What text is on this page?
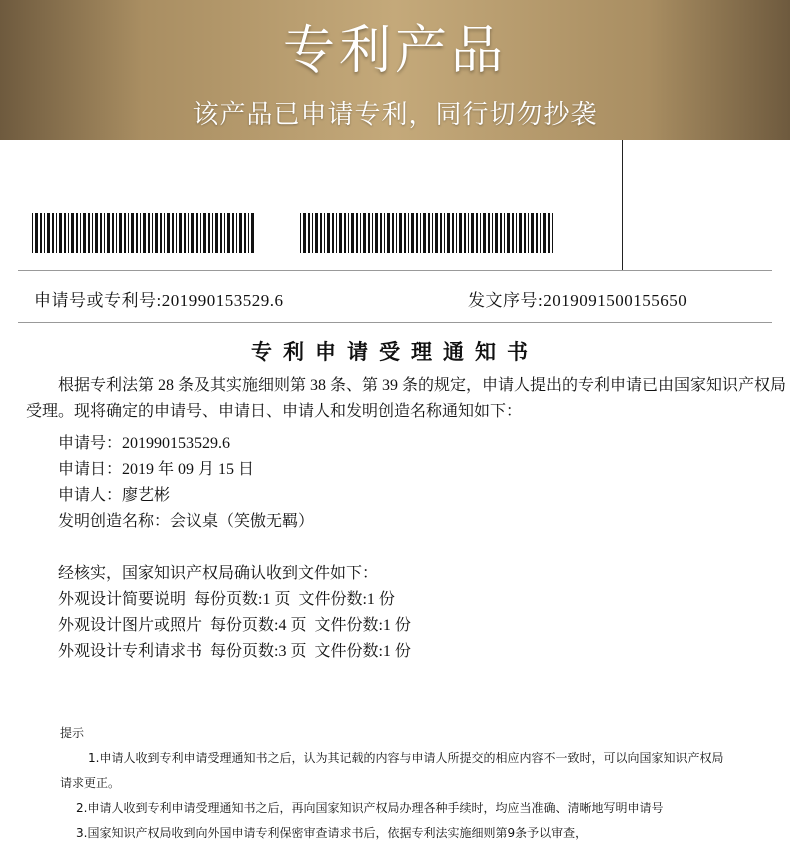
专利产品
该产品已申请专利，同行切勿抄袭
申请号或专利号:201990153529.6	发文序号:2019091500155650
专利申请受理通知书
根据专利法第 28 条及其实施细则第 38 条、第 39 条的规定，申请人提出的专利申请已由国家知识产权局
受理。现将确定的申请号、申请日、申请人和发明创造名称通知如下：
申请号：201990153529.6
申请日：2019 年 09 月 15 日
申请人：廖艺彬
发明创造名称：会议桌（笑傲无羁）
经核实，国家知识产权局确认收到文件如下：
外观设计简要说明  每份页数:1 页  文件份数:1 份
外观设计图片或照片  每份页数:4 页  文件份数:1 份
外观设计专利请求书  每份页数:3 页  文件份数:1 份
提示
1.申请人收到专利申请受理通知书之后，认为其记载的内容与申请人所提交的相应内容不一致时，可以向国家知识产权局
请求更正。
2.申请人收到专利申请受理通知书之后，再向国家知识产权局办理各种手续时，均应当准确、清晰地写明申请号
3.国家知识产权局收到向外国申请专利保密审查请求书后，依据专利法实施细则第9条予以审查，
